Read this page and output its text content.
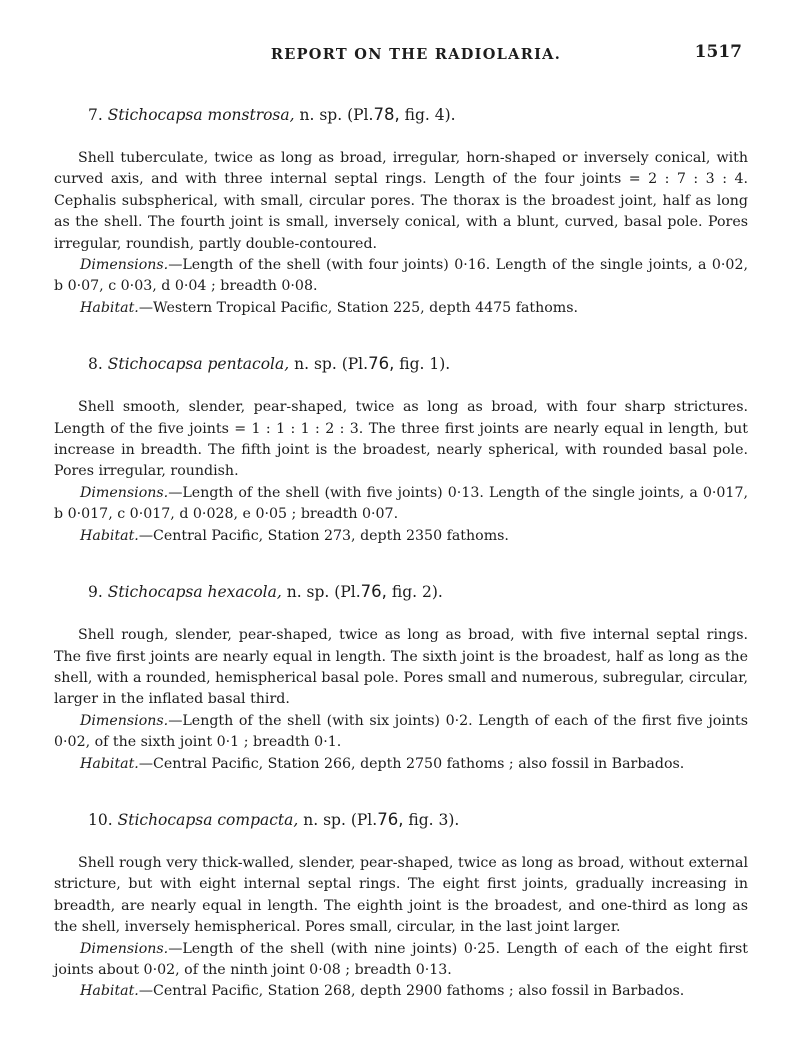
REPORT ON THE RADIOLARIA.	1517
7. Stichocapsa monstrosa, n. sp. (Pl.78, fig. 4).

Shell tuberculate, twice as long as broad, irregular, horn-shaped or inversely conical, with curved axis, and with three internal septal rings. Length of the four joints = 2 : 7 : 3 : 4. Cephalis subspherical, with small, circular pores. The thorax is the broadest joint, half as long as the shell. The fourth joint is small, inversely conical, with a blunt, curved, basal pole. Pores irregular, roundish, partly double-contoured.

Dimensions.—Length of the shell (with four joints) 0·16. Length of the single joints, a 0·02, b 0·07, c 0·03, d 0·04 ; breadth 0·08.

Habitat.—Western Tropical Pacific, Station 225, depth 4475 fathoms.

8. Stichocapsa pentacola, n. sp. (Pl.76, fig. 1).

Shell smooth, slender, pear-shaped, twice as long as broad, with four sharp strictures. Length of the five joints = 1 : 1 : 1 : 2 : 3. The three first joints are nearly equal in length, but increase in breadth. The fifth joint is the broadest, nearly spherical, with rounded basal pole. Pores irregular, roundish.

Dimensions.—Length of the shell (with five joints) 0·13. Length of the single joints, a 0·017, b 0·017, c 0·017, d 0·028, e 0·05 ; breadth 0·07.

Habitat.—Central Pacific, Station 273, depth 2350 fathoms.

9. Stichocapsa hexacola, n. sp. (Pl.76, fig. 2).

Shell rough, slender, pear-shaped, twice as long as broad, with five internal septal rings. The five first joints are nearly equal in length. The sixth joint is the broadest, half as long as the shell, with a rounded, hemispherical basal pole. Pores small and numerous, subregular, circular, larger in the inflated basal third.

Dimensions.—Length of the shell (with six joints) 0·2. Length of each of the first five joints 0·02, of the sixth joint 0·1 ; breadth 0·1.

Habitat.—Central Pacific, Station 266, depth 2750 fathoms ; also fossil in Barbados.

10. Stichocapsa compacta, n. sp. (Pl.76, fig. 3).

Shell rough very thick-walled, slender, pear-shaped, twice as long as broad, without external stricture, but with eight internal septal rings. The eight first joints, gradually increasing in breadth, are nearly equal in length. The eighth joint is the broadest, and one-third as long as the shell, inversely hemispherical. Pores small, circular, in the last joint larger.

Dimensions.—Length of the shell (with nine joints) 0·25. Length of each of the eight first joints about 0·02, of the ninth joint 0·08 ; breadth 0·13.

Habitat.—Central Pacific, Station 268, depth 2900 fathoms ; also fossil in Barbados.
